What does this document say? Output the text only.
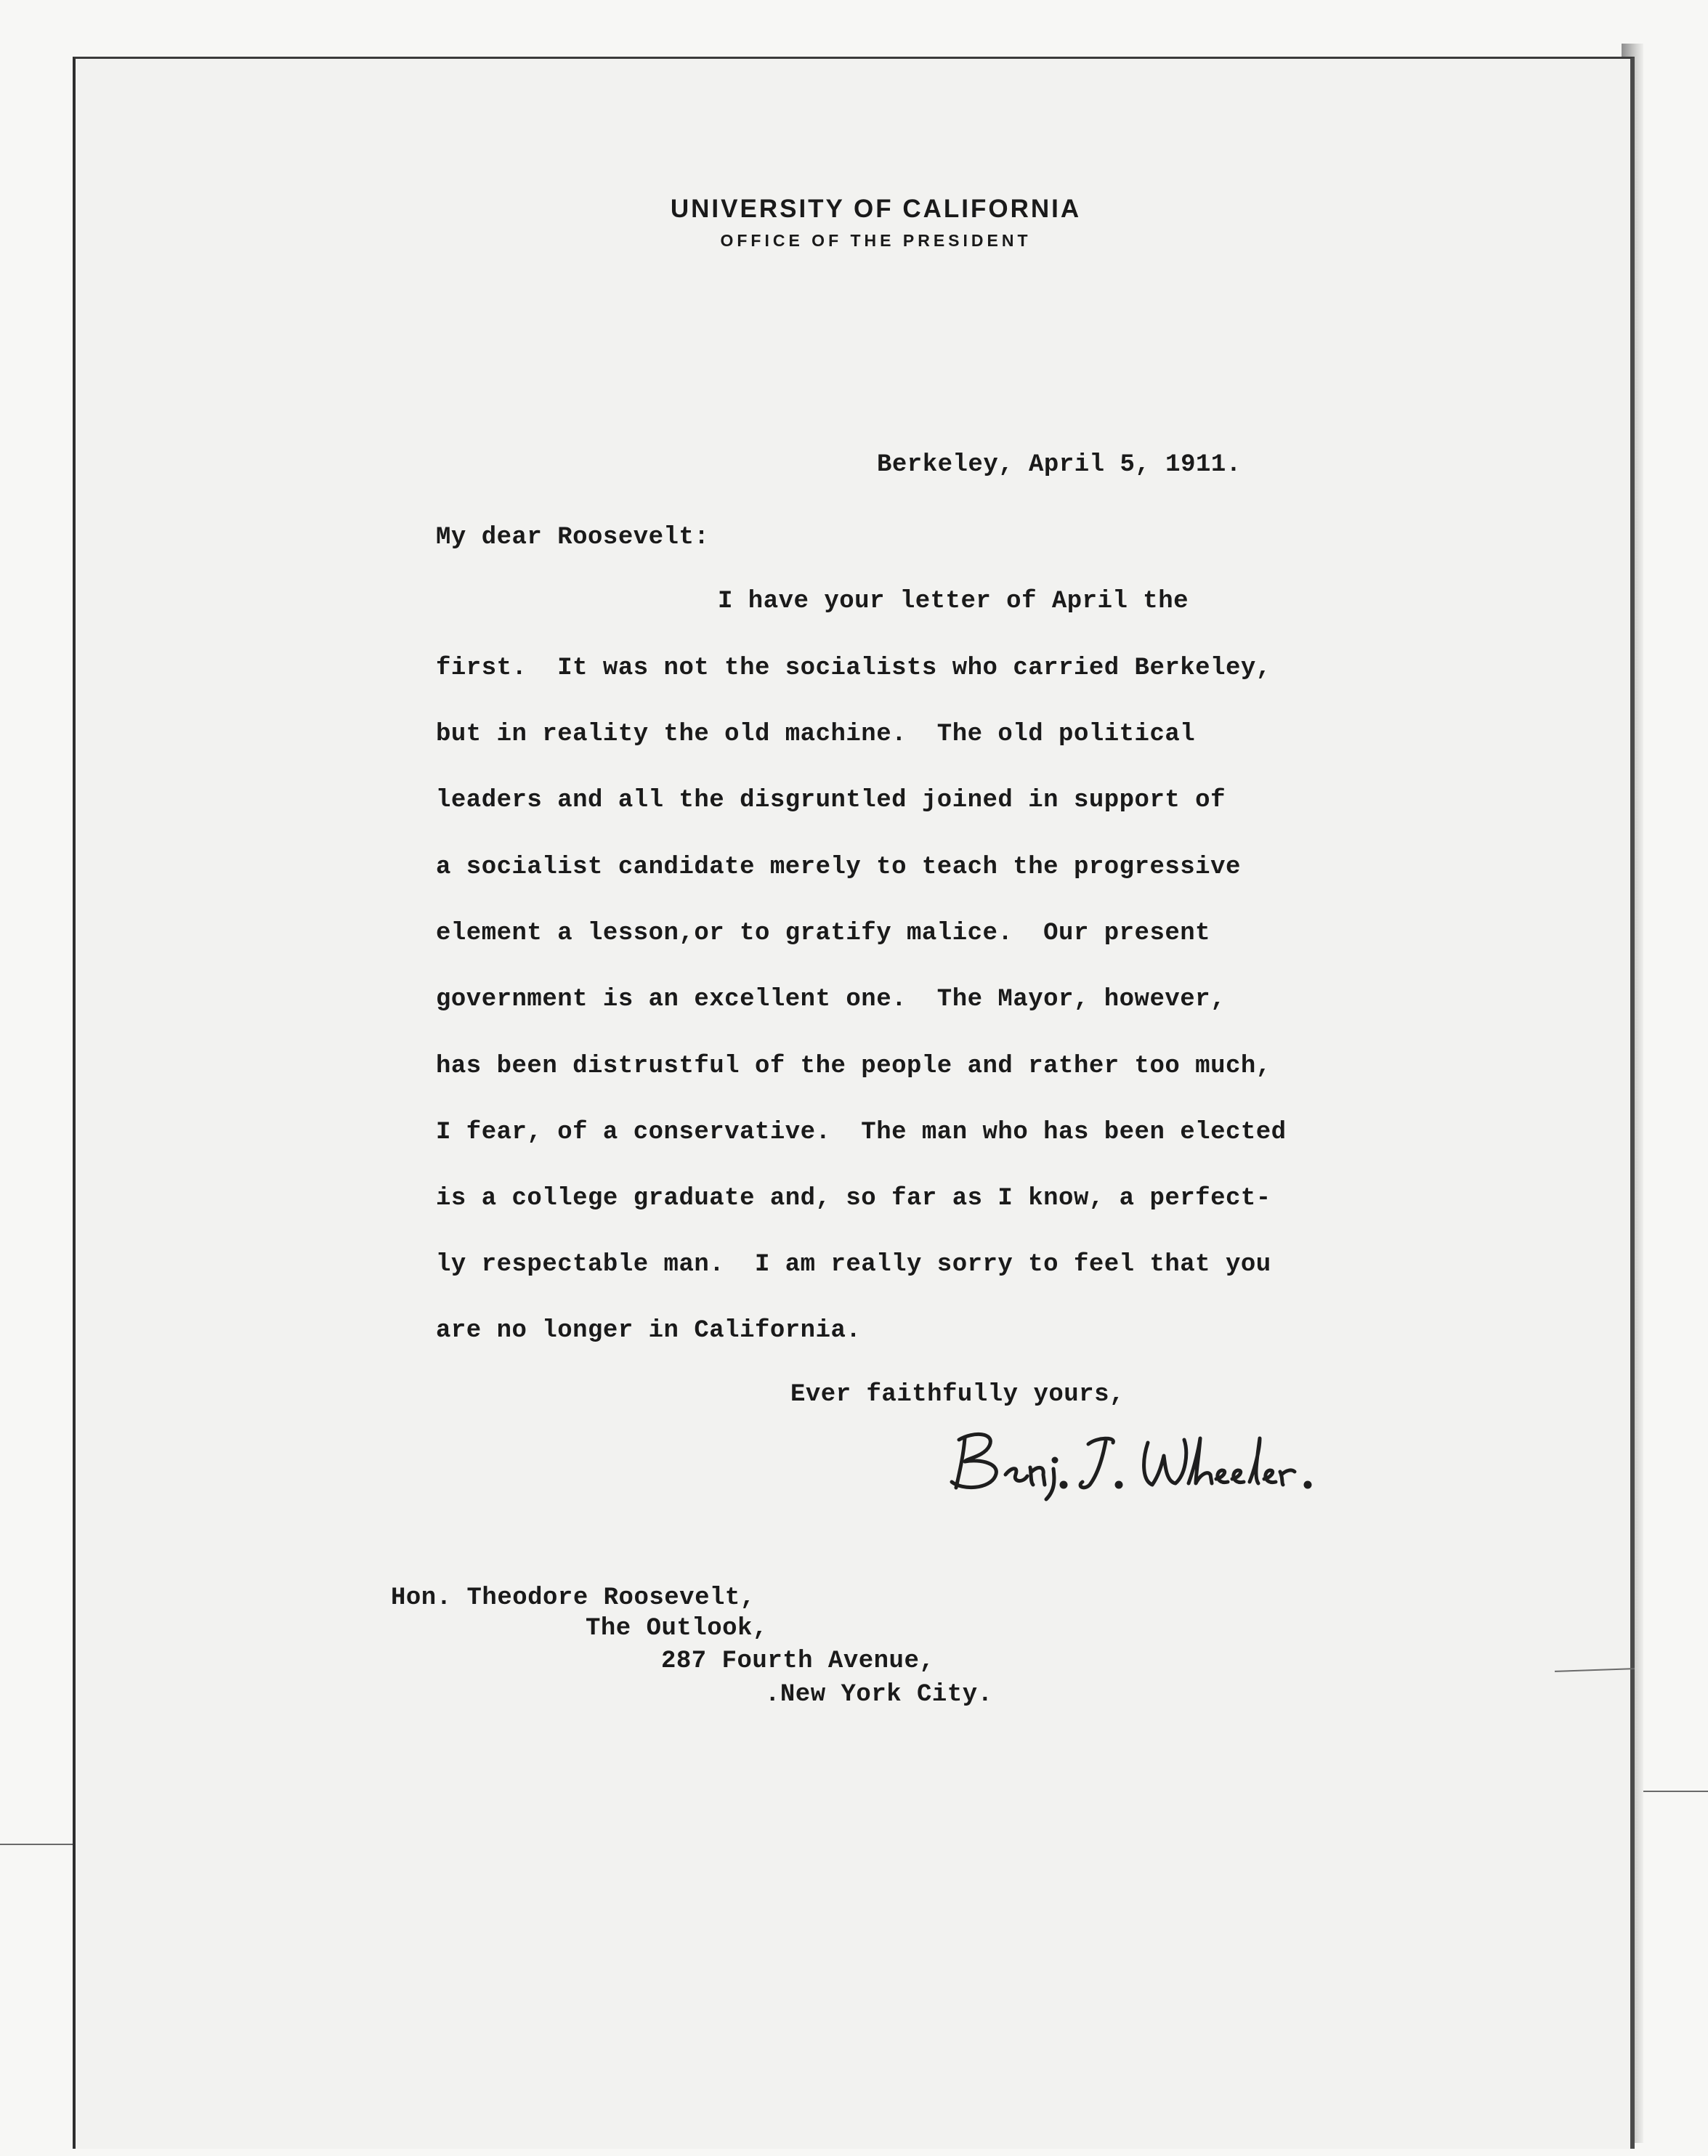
UNIVERSITY OF CALIFORNIA
OFFICE OF THE PRESIDENT
Berkeley, April 5, 1911.
My dear Roosevelt:
I have your letter of April the
first.  It was not the socialists who carried Berkeley,
but in reality the old machine.  The old political
leaders and all the disgruntled joined in support of
a socialist candidate merely to teach the progressive
element a lesson,or to gratify malice.  Our present
government is an excellent one.  The Mayor, however,
has been distrustful of the people and rather too much,
I fear, of a conservative.  The man who has been elected
is a college graduate and, so far as I know, a perfect-
ly respectable man.  I am really sorry to feel that you
are no longer in California.
Ever faithfully yours,
Hon. Theodore Roosevelt,
The Outlook,
287 Fourth Avenue,
.New York City.
